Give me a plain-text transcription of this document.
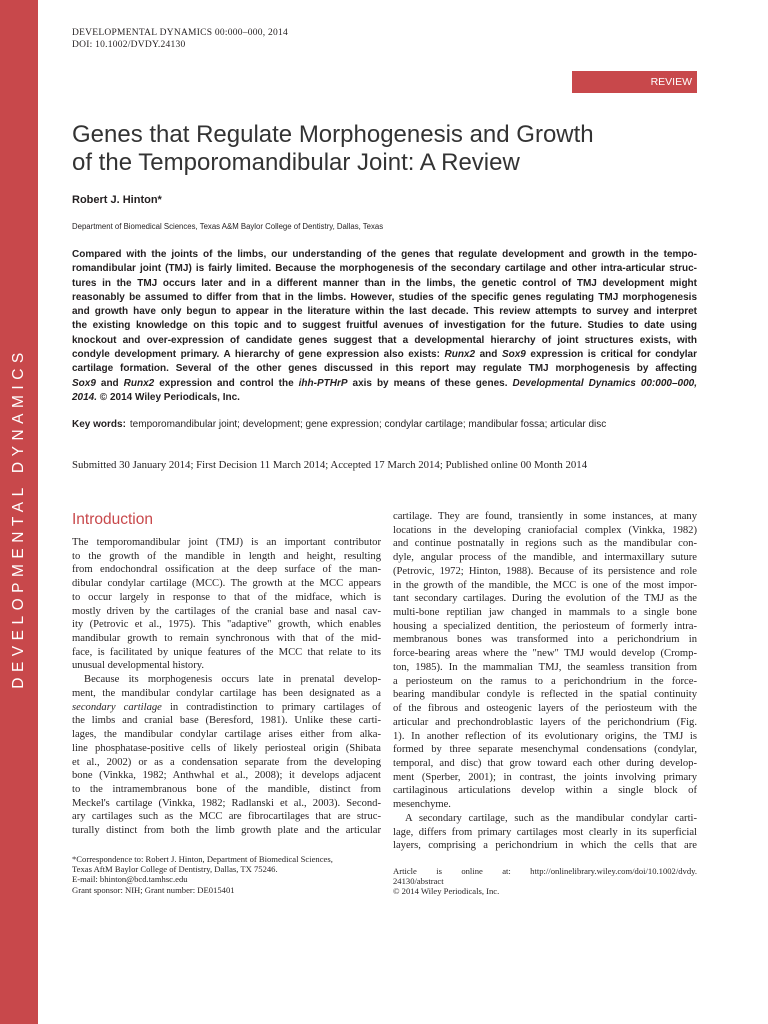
DEVELOPMENTAL DYNAMICS
DEVELOPMENTAL DYNAMICS 00:000–000, 2014
DOI: 10.1002/DVDY.24130
REVIEW
Genes that Regulate Morphogenesis and Growth
of the Temporomandibular Joint: A Review
Robert J. Hinton*
Department of Biomedical Sciences, Texas A&M Baylor College of Dentistry, Dallas, Texas
Compared with the joints of the limbs, our understanding of the genes that regulate development and growth in the tempo-
romandibular joint (TMJ) is fairly limited. Because the morphogenesis of the secondary cartilage and other intra-articular struc-
tures in the TMJ occurs later and in a different manner than in the limbs, the genetic control of TMJ development might
reasonably be assumed to differ from that in the limbs. However, studies of the specific genes regulating TMJ morphogenesis
and growth have only begun to appear in the literature within the last decade. This review attempts to survey and interpret
the existing knowledge on this topic and to suggest fruitful avenues of investigation for the future. Studies to date using
knockout and over-expression of candidate genes suggest that a developmental hierarchy of joint structures exists, with
condyle development primary. A hierarchy of gene expression also exists: Runx2 and Sox9 expression is critical for condylar
cartilage formation. Several of the other genes discussed in this report may regulate TMJ morphogenesis by affecting
Sox9 and Runx2 expression and control the ihh-PTHrP axis by means of these genes. Developmental Dynamics 00:000–000,
2014. © 2014 Wiley Periodicals, Inc.
Key words: temporomandibular joint; development; gene expression; condylar cartilage; mandibular fossa; articular disc
Submitted 30 January 2014; First Decision 11 March 2014; Accepted 17 March 2014; Published online 00 Month 2014
Introduction
The temporomandibular joint (TMJ) is an important contributor
to the growth of the mandible in length and height, resulting
from endochondral ossification at the deep surface of the man-
dibular condylar cartilage (MCC). The growth at the MCC appears
to occur largely in response to that of the midface, which is
mostly driven by the cartilages of the cranial base and nasal cav-
ity (Petrovic et al., 1975). This "adaptive" growth, which enables
mandibular growth to remain synchronous with that of the mid-
face, is facilitated by unique features of the MCC that relate to its
unusual developmental history.
Because its morphogenesis occurs late in prenatal develop-
ment, the mandibular condylar cartilage has been designated as a
secondary cartilage in contradistinction to primary cartilages of
the limbs and cranial base (Beresford, 1981). Unlike these carti-
lages, the mandibular condylar cartilage arises either from alka-
line phosphatase-positive cells of likely periosteal origin (Shibata
et al., 2002) or as a condensation separate from the developing
bone (Vinkka, 1982; Anthwhal et al., 2008); it develops adjacent
to the intramembranous bone of the mandible, distinct from
Meckel's cartilage (Vinkka, 1982; Radlanski et al., 2003). Second-
ary cartilages such as the MCC are fibrocartilages that are struc-
turally distinct from both the limb growth plate and the articular
cartilage. They are found, transiently in some instances, at many
locations in the developing craniofacial complex (Vinkka, 1982)
and continue postnatally in regions such as the mandibular con-
dyle, angular process of the mandible, and intermaxillary suture
(Petrovic, 1972; Hinton, 1988). Because of its persistence and role
in the growth of the mandible, the MCC is one of the most impor-
tant secondary cartilages. During the evolution of the TMJ as the
multi-bone reptilian jaw changed in mammals to a single bone
housing a specialized dentition, the periosteum of formerly intra-
membranous bones was transformed into a perichondrium in
force-bearing areas where the "new" TMJ would develop (Cromp-
ton, 1985). In the mammalian TMJ, the seamless transition from
a periosteum on the ramus to a perichondrium in the force-
bearing mandibular condyle is reflected in the spatial continuity
of the fibrous and osteogenic layers of the periosteum with the
articular and prechondroblastic layers of the perichondrium (Fig.
1). In another reflection of its evolutionary origins, the TMJ is
formed by three separate mesenchymal condensations (condylar,
temporal, and disc) that grow toward each other during develop-
ment (Sperber, 2001); in contrast, the joints involving primary
cartilaginous articulations develop within a single block of
mesenchyme.
A secondary cartilage, such as the mandibular condylar carti-
lage, differs from primary cartilages most clearly in its superficial
layers, comprising a perichondrium in which the cells that are
*Correspondence to: Robert J. Hinton, Department of Biomedical Sciences,
Texas AftM Baylor College of Dentistry, Dallas, TX 75246.
E-mail: bhinton@bcd.tamhsc.edu
Grant sponsor: NIH; Grant number: DE015401
Article is online at: http://onlinelibrary.wiley.com/doi/10.1002/dvdy.
24130/abstract
© 2014 Wiley Periodicals, Inc.
